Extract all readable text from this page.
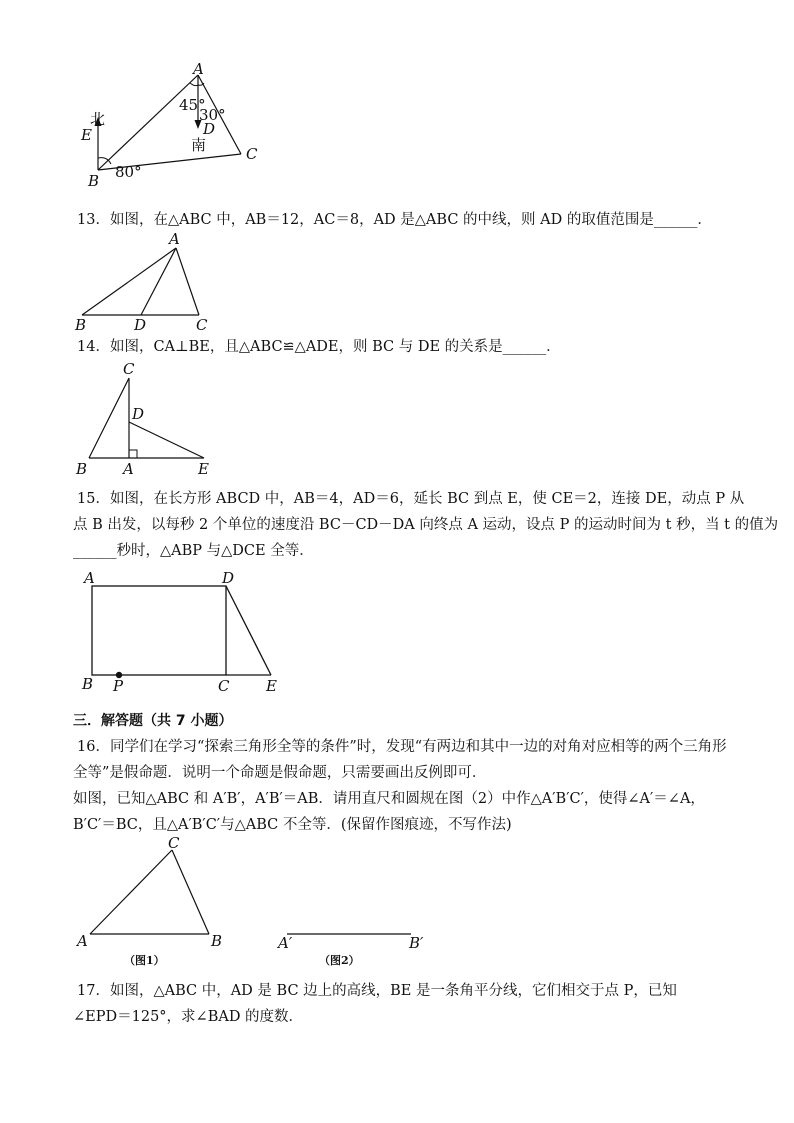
A
B
C
D
E
45°
30°
80°
北
南
13．如图，在△ABC 中，AB＝12，AC＝8，AD 是△ABC 的中线，则 AD 的取值范围是______．
A
B	D	C
14．如图，CA⊥BE，且△ABC≌△ADE，则 BC 与 DE 的关系是______．
C
D
B A	E
15．如图，在长方形 ABCD 中，AB＝4，AD＝6，延长 BC 到点 E，使 CE＝2，连接 DE，动点 P 从
点 B 出发，以每秒 2 个单位的速度沿 BC－CD－DA 向终点 A 运动，设点 P 的运动时间为 t 秒，当 t 的值为
______秒时，△ABP 与△DCE 全等．
A	D
B P	C E
三．解答题（共 7 小题）
16．同学们在学习“探索三角形全等的条件”时，发现“有两边和其中一边的对角对应相等的两个三角形
全等”是假命题．说明一个命题是假命题，只需要画出反例即可．
如图，已知△ABC 和 A′B′，A′B′＝AB．请用直尺和圆规在图（2）中作△A′B′C′，使得∠A′＝∠A，
B′C′＝BC，且△A′B′C′与△ABC 不全等．(保留作图痕迹，不写作法)
C
A	B
（图1）
A′	B′
（图2）
17．如图，△ABC 中，AD 是 BC 边上的高线，BE 是一条角平分线，它们相交于点 P，已知
∠EPD＝125°，求∠BAD 的度数．
